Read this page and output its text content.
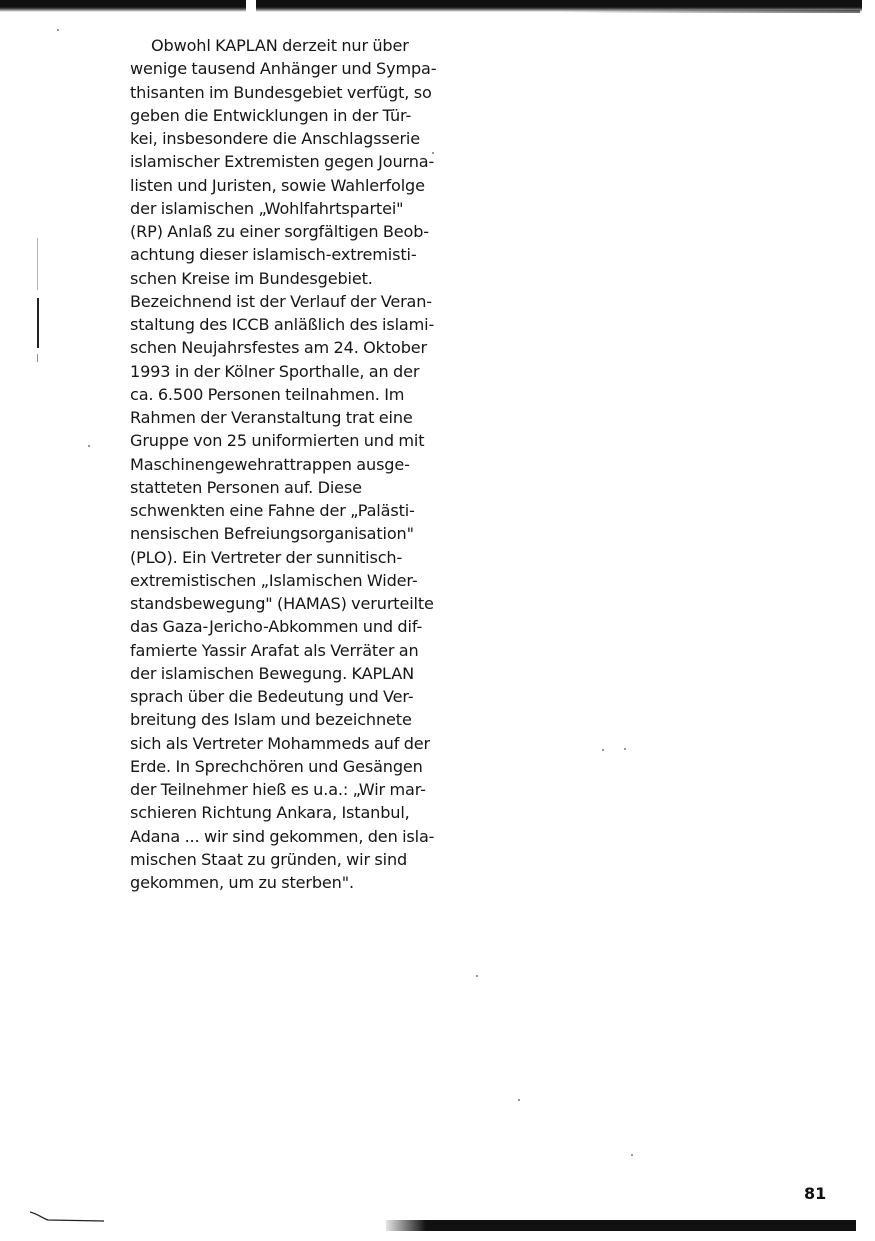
Obwohl KAPLAN derzeit nur über
wenige tausend Anhänger und Sympa-
thisanten im Bundesgebiet verfügt, so
geben die Entwicklungen in der Tür-
kei, insbesondere die Anschlagsserie
islamischer Extremisten gegen Journa-
listen und Juristen, sowie Wahlerfolge
der islamischen „Wohlfahrtspartei"
(RP) Anlaß zu einer sorgfältigen Beob-
achtung dieser islamisch-extremisti-
schen Kreise im Bundesgebiet.
Bezeichnend ist der Verlauf der Veran-
staltung des ICCB anläßlich des islami-
schen Neujahrsfestes am 24. Oktober
1993 in der Kölner Sporthalle, an der
ca. 6.500 Personen teilnahmen. Im
Rahmen der Veranstaltung trat eine
Gruppe von 25 uniformierten und mit
Maschinengewehrattrappen ausge-
statteten Personen auf. Diese
schwenkten eine Fahne der „Palästi-
nensischen Befreiungsorganisation"
(PLO). Ein Vertreter der sunnitisch-
extremistischen „Islamischen Wider-
standsbewegung" (HAMAS) verurteilte
das Gaza-Jericho-Abkommen und dif-
famierte Yassir Arafat als Verräter an
der islamischen Bewegung. KAPLAN
sprach über die Bedeutung und Ver-
breitung des Islam und bezeichnete
sich als Vertreter Mohammeds auf der
Erde. In Sprechchören und Gesängen
der Teilnehmer hieß es u.a.: „Wir mar-
schieren Richtung Ankara, Istanbul,
Adana ... wir sind gekommen, den isla-
mischen Staat zu gründen, wir sind
gekommen, um zu sterben".

81
